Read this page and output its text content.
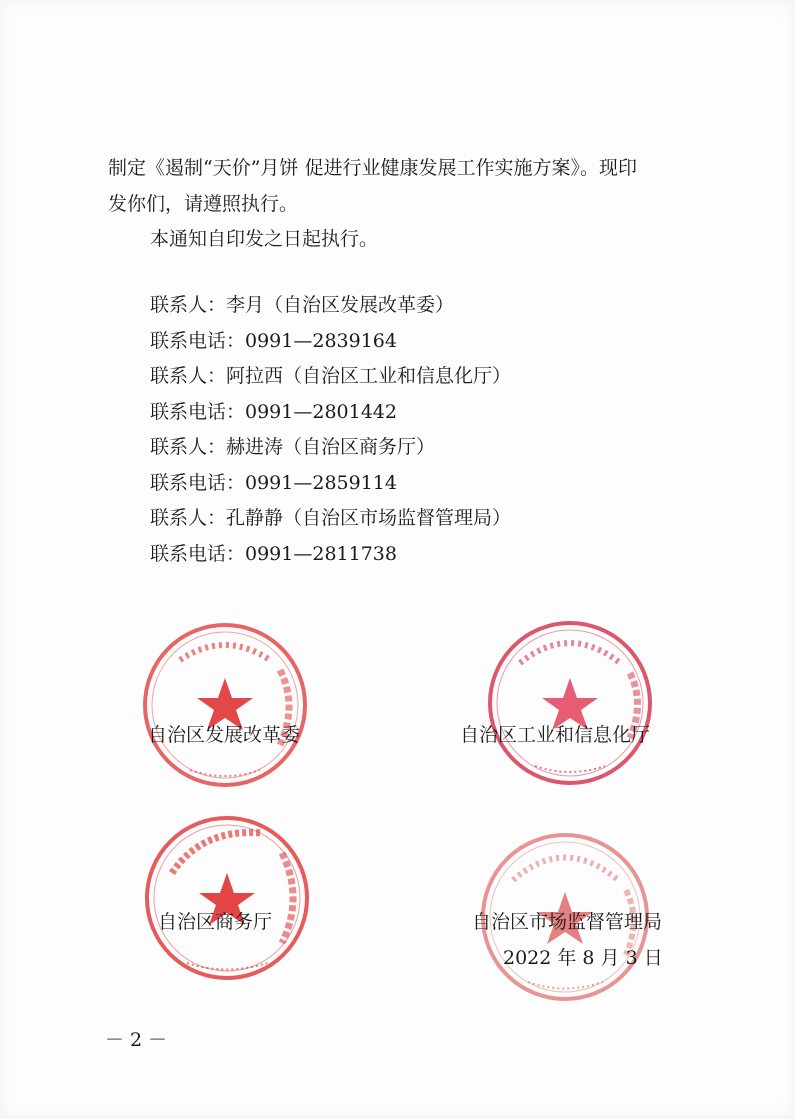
制定《遏制“天价”月饼 促进行业健康发展工作实施方案》。现印
发你们，请遵照执行。
本通知自印发之日起执行。
联系人：李月（自治区发展改革委）
联系电话：0991—2839164
联系人：阿拉西（自治区工业和信息化厅）
联系电话：0991—2801442
联系人：赫进涛（自治区商务厅）
联系电话：0991—2859114
联系人：孔静静（自治区市场监督管理局）
联系电话：0991—2811738
自治区发展改革委	自治区工业和信息化厅
自治区商务厅	自治区市场监督管理局
2022 年 8 月 3 日
－ 2 －
